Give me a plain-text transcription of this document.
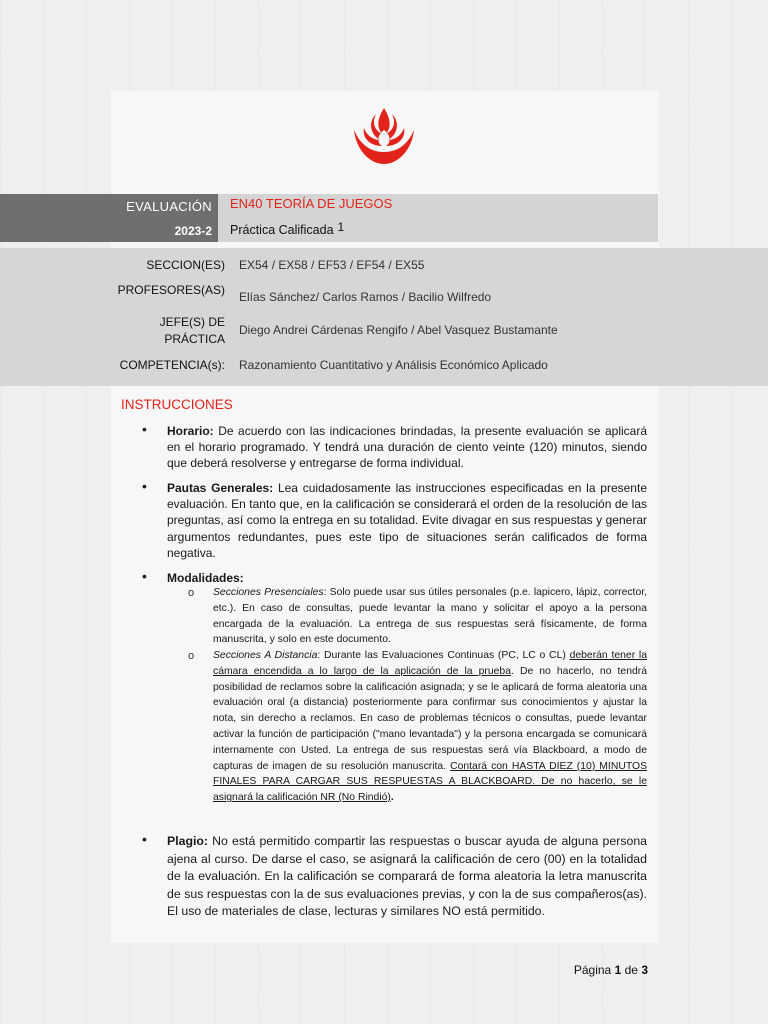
EVALUACIÓN
2023-2
EN40 TEORÍA DE JUEGOS
Práctica Calificada 1
SECCION(ES) EX54 / EX58 / EF53 / EF54 / EX55
PROFESORES(AS) Elías Sánchez/ Carlos Ramos / Bacilio Wilfredo
JEFE(S) DE
PRÁCTICA
Diego Andrei Cárdenas Rengifo / Abel Vasquez Bustamante
COMPETENCIA(s): Razonamiento Cuantitativo y Análisis Económico Aplicado
INSTRUCCIONES
• Horario: De acuerdo con las indicaciones brindadas, la presente evaluación se aplicará en el horario programado. Y tendrá una duración de ciento veinte (120) minutos, siendo que deberá resolverse y entregarse de forma individual.
• Pautas Generales: Lea cuidadosamente las instrucciones especificadas en la presente evaluación. En tanto que, en la calificación se considerará el orden de la resolución de las preguntas, así como la entrega en su totalidad. Evite divagar en sus respuestas y generar argumentos redundantes, pues este tipo de situaciones serán calificados de forma negativa.
• Modalidades:
o Secciones Presenciales: Solo puede usar sus útiles personales (p.e. lapicero, lápiz, corrector, etc.). En caso de consultas, puede levantar la mano y solicitar el apoyo a la persona encargada de la evaluación. La entrega de sus respuestas será físicamente, de forma manuscrita, y solo en este documento.
o Secciones A Distancia: Durante las Evaluaciones Continuas (PC, LC o CL) deberán tener la cámara encendida a lo largo de la aplicación de la prueba. De no hacerlo, no tendrá posibilidad de reclamos sobre la calificación asignada; y se le aplicará de forma aleatoria una evaluación oral (a distancia) posteriormente para confirmar sus conocimientos y ajustar la nota, sin derecho a reclamos. En caso de problemas técnicos o consultas, puede levantar activar la función de participación ("mano levantada") y la persona encargada se comunicará internamente con Usted. La entrega de sus respuestas será vía Blackboard, a modo de capturas de imagen de su resolución manuscrita. Contará con HASTA DIEZ (10) MINUTOS FINALES PARA CARGAR SUS RESPUESTAS A BLACKBOARD. De no hacerlo, se le asignará la calificación NR (No Rindió).
• Plagio: No está permitido compartir las respuestas o buscar ayuda de alguna persona ajena al curso. De darse el caso, se asignará la calificación de cero (00) en la totalidad de la evaluación. En la calificación se comparará de forma aleatoria la letra manuscrita de sus respuestas con la de sus evaluaciones previas, y con la de sus compañeros(as). El uso de materiales de clase, lecturas y similares NO está permitido.
Página 1 de 3
